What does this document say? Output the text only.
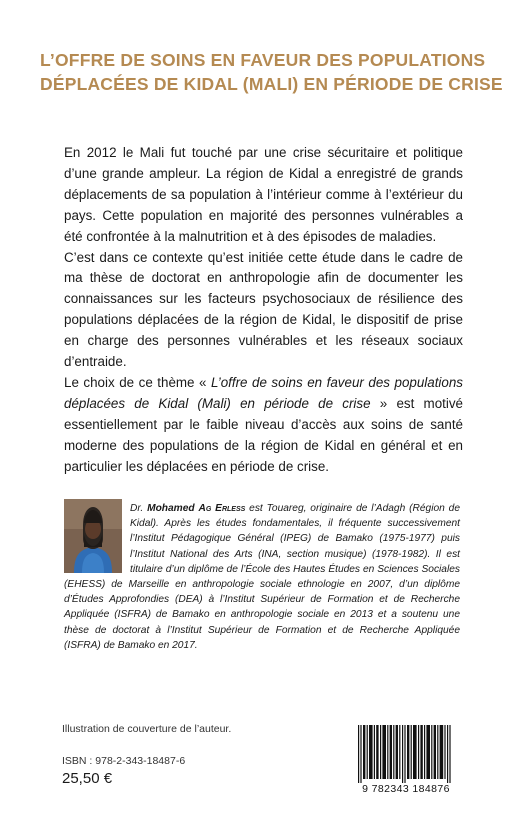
L’OFFRE DE SOINS EN FAVEUR DES POPULATIONS
DÉPLACÉES DE KIDAL (MALI) EN PÉRIODE DE CRISE

En 2012 le Mali fut touché par une crise sécuritaire et politique d’une grande ampleur. La région de Kidal a enregistré de grands déplacements de sa population à l’intérieur comme à l’extérieur du pays. Cette population en majorité des personnes vulnérables a été confrontée à la malnutrition et à des épisodes de maladies.

C’est dans ce contexte qu’est initiée cette étude dans le cadre de ma thèse de doctorat en anthropologie afin de documenter les connaissances sur les facteurs psychosociaux de résilience des populations déplacées de la région de Kidal, le dispositif de prise en charge des personnes vulnérables et les réseaux sociaux d’entraide.

Le choix de ce thème « L’offre de soins en faveur des populations déplacées de Kidal (Mali) en période de crise » est motivé essentiellement par le faible niveau d’accès aux soins de santé moderne des populations de la région de Kidal en général et en particulier les déplacées en période de crise.

Dr. Mohamed Ag Erless est Touareg, originaire de l’Adagh (Région de Kidal). Après les études fondamentales, il fréquente successivement l’Institut Pédagogique Général (IPEG) de Bamako (1975-1977) puis l’Institut National des Arts (INA, section musique) (1978-1982). Il est titulaire d’un diplôme de l’École des Hautes Études en Sciences Sociales (EHESS) de Marseille en anthropologie sociale ethnologie en 2007, d’un diplôme d’Études Approfondies (DEA) à l’Institut Supérieur de Formation et de Recherche Appliquée (ISFRA) de Bamako en anthropologie sociale en 2013 et a soutenu une thèse de doctorat à l’Institut Supérieur de Formation et de Recherche Appliquée (ISFRA) de Bamako en 2017.
Illustration de couverture de l’auteur.
ISBN : 978-2-343-18487-6
25,50 €
9 782343 184876
